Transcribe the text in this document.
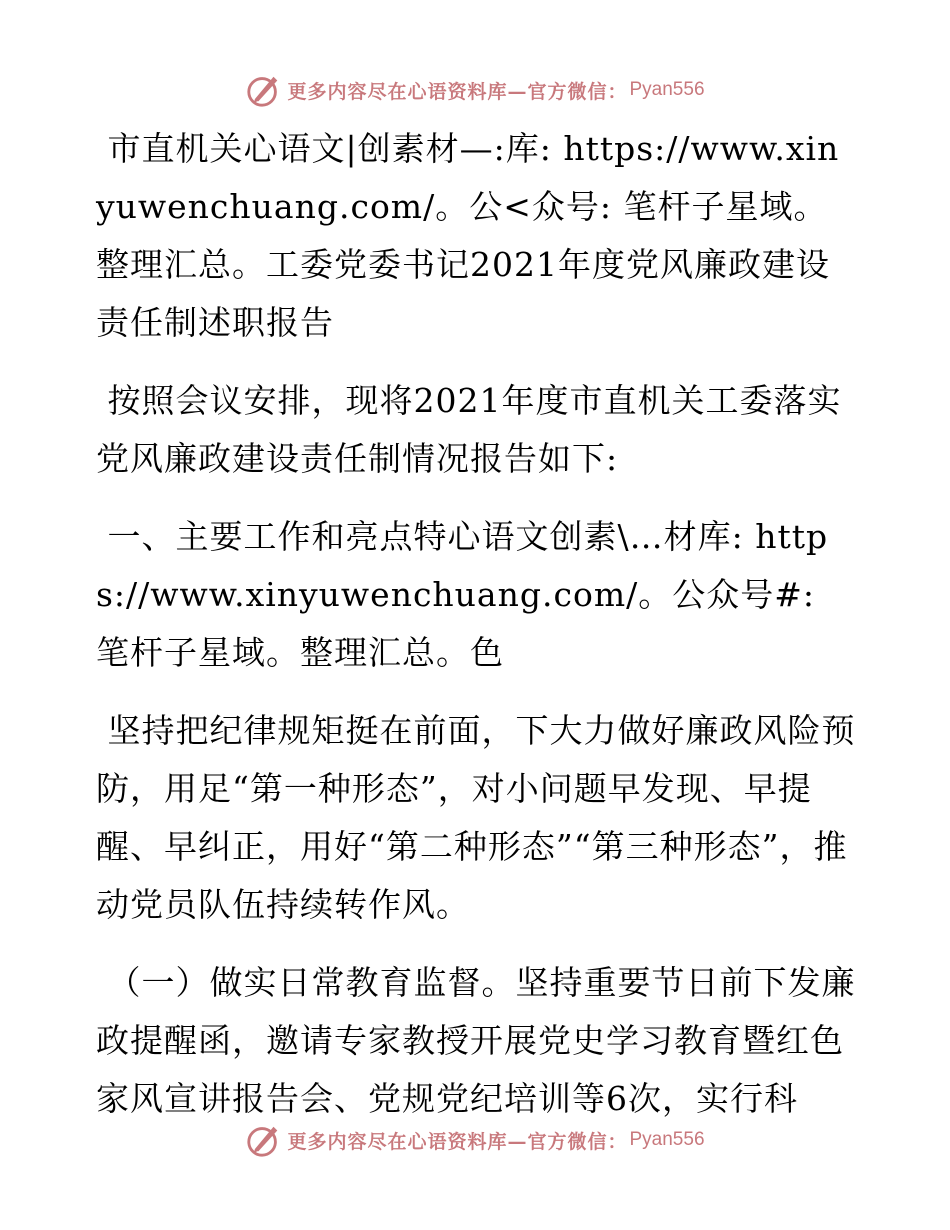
更多内容尽在心语资料库—官方微信： Pyan556

市直机关心语文|创素材—:库: https://www.xinyuwenchuang.com/。公<众号: 笔杆子星域。整理汇总。工委党委书记2021年度党风廉政建设责任制述职报告

按照会议安排，现将2021年度市直机关工委落实党风廉政建设责任制情况报告如下:

一、主要工作和亮点特心语文创素\…材库: https://www.xinyuwenchuang.com/。公众号#: 笔杆子星域。整理汇总。色

坚持把纪律规矩挺在前面，下大力做好廉政风险预防，用足“第一种形态”，对小问题早发现、早提醒、早纠正，用好“第二种形态”“第三种形态”，推动党员队伍持续转作风。

（一）做实日常教育监督。坚持重要节日前下发廉政提醒函，邀请专家教授开展党史学习教育暨红色家风宣讲报告会、党规党纪培训等6次，实行科

更多内容尽在心语资料库—官方微信： Pyan556
